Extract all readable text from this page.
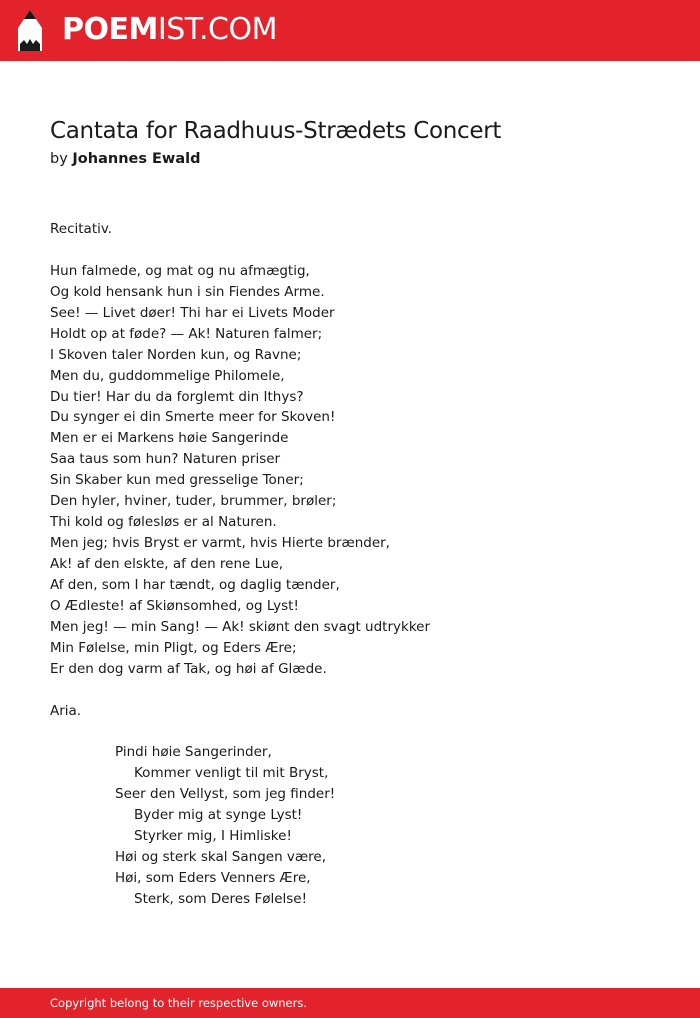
POEMIST.COM
Cantata for Raadhuus-Strædets Concert
by Johannes Ewald
Recitativ.
Hun falmede, og mat og nu afmægtig,
Og kold hensank hun i sin Fiendes Arme.
See! — Livet døer! Thi har ei Livets Moder
Holdt op at føde? — Ak! Naturen falmer;
I Skoven taler Norden kun, og Ravne;
Men du, guddommelige Philomele,
Du tier! Har du da forglemt din Ithys?
Du synger ei din Smerte meer for Skoven!
Men er ei Markens høie Sangerinde
Saa taus som hun? Naturen priser
Sin Skaber kun med gresselige Toner;
Den hyler, hviner, tuder, brummer, brøler;
Thi kold og følesløs er al Naturen.
Men jeg; hvis Bryst er varmt, hvis Hierte brænder,
Ak! af den elskte, af den rene Lue,
Af den, som I har tændt, og daglig tænder,
O Ædleste! af Skiønsomhed, og Lyst!
Men jeg! — min Sang! — Ak! skiønt den svagt udtrykker
Min Følelse, min Pligt, og Eders Ære;
Er den dog varm af Tak, og høi af Glæde.
Aria.
Pindi høie Sangerinder,
Kommer venligt til mit Bryst,
Seer den Vellyst, som jeg finder!
Byder mig at synge Lyst!
Styrker mig, I Himliske!
Høi og sterk skal Sangen være,
Høi, som Eders Venners Ære,
Sterk, som Deres Følelse!
Copyright belong to their respective owners.
